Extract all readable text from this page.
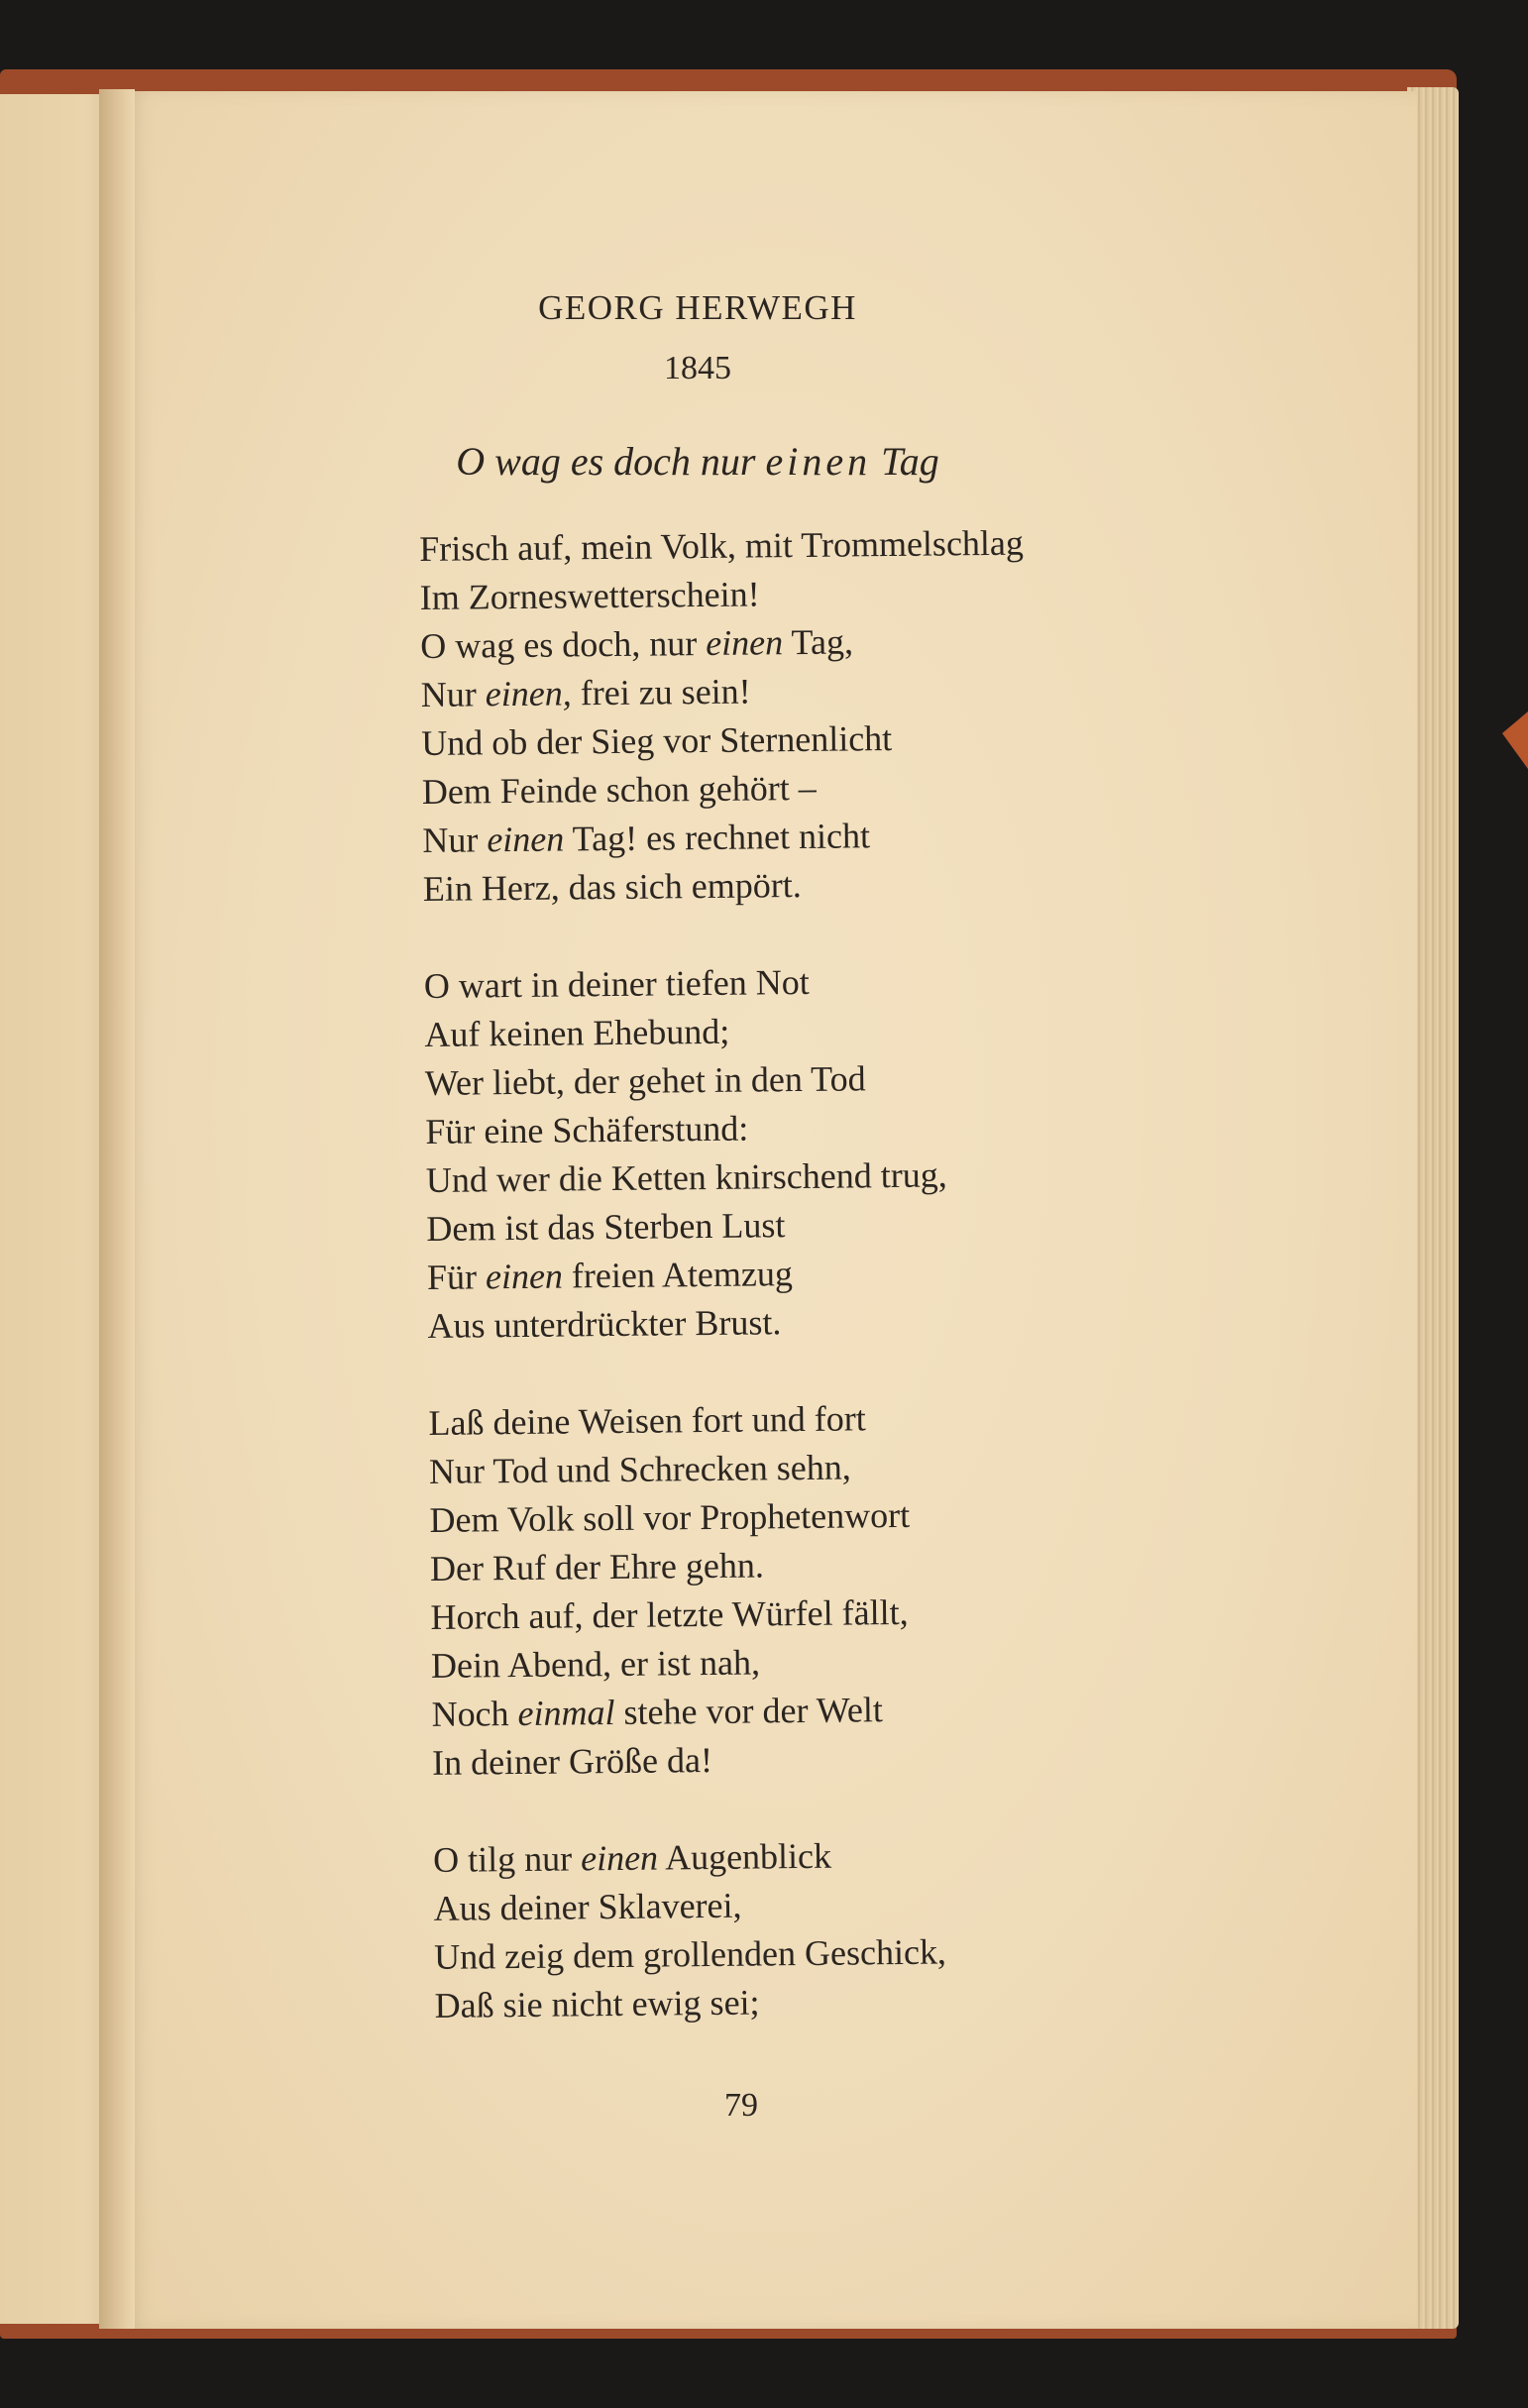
GEORG HERWEGH
1845
O wag es doch nur einen Tag
Frisch auf, mein Volk, mit Trommelschlag
Im Zorneswetterschein!
O wag es doch, nur einen Tag,
Nur einen, frei zu sein!
Und ob der Sieg vor Sternenlicht
Dem Feinde schon gehört –
Nur einen Tag! es rechnet nicht
Ein Herz, das sich empört.
O wart in deiner tiefen Not
Auf keinen Ehebund;
Wer liebt, der gehet in den Tod
Für eine Schäferstund:
Und wer die Ketten knirschend trug,
Dem ist das Sterben Lust
Für einen freien Atemzug
Aus unterdrückter Brust.
Laß deine Weisen fort und fort
Nur Tod und Schrecken sehn,
Dem Volk soll vor Prophetenwort
Der Ruf der Ehre gehn.
Horch auf, der letzte Würfel fällt,
Dein Abend, er ist nah,
Noch einmal stehe vor der Welt
In deiner Größe da!
O tilg nur einen Augenblick
Aus deiner Sklaverei,
Und zeig dem grollenden Geschick,
Daß sie nicht ewig sei;
79
